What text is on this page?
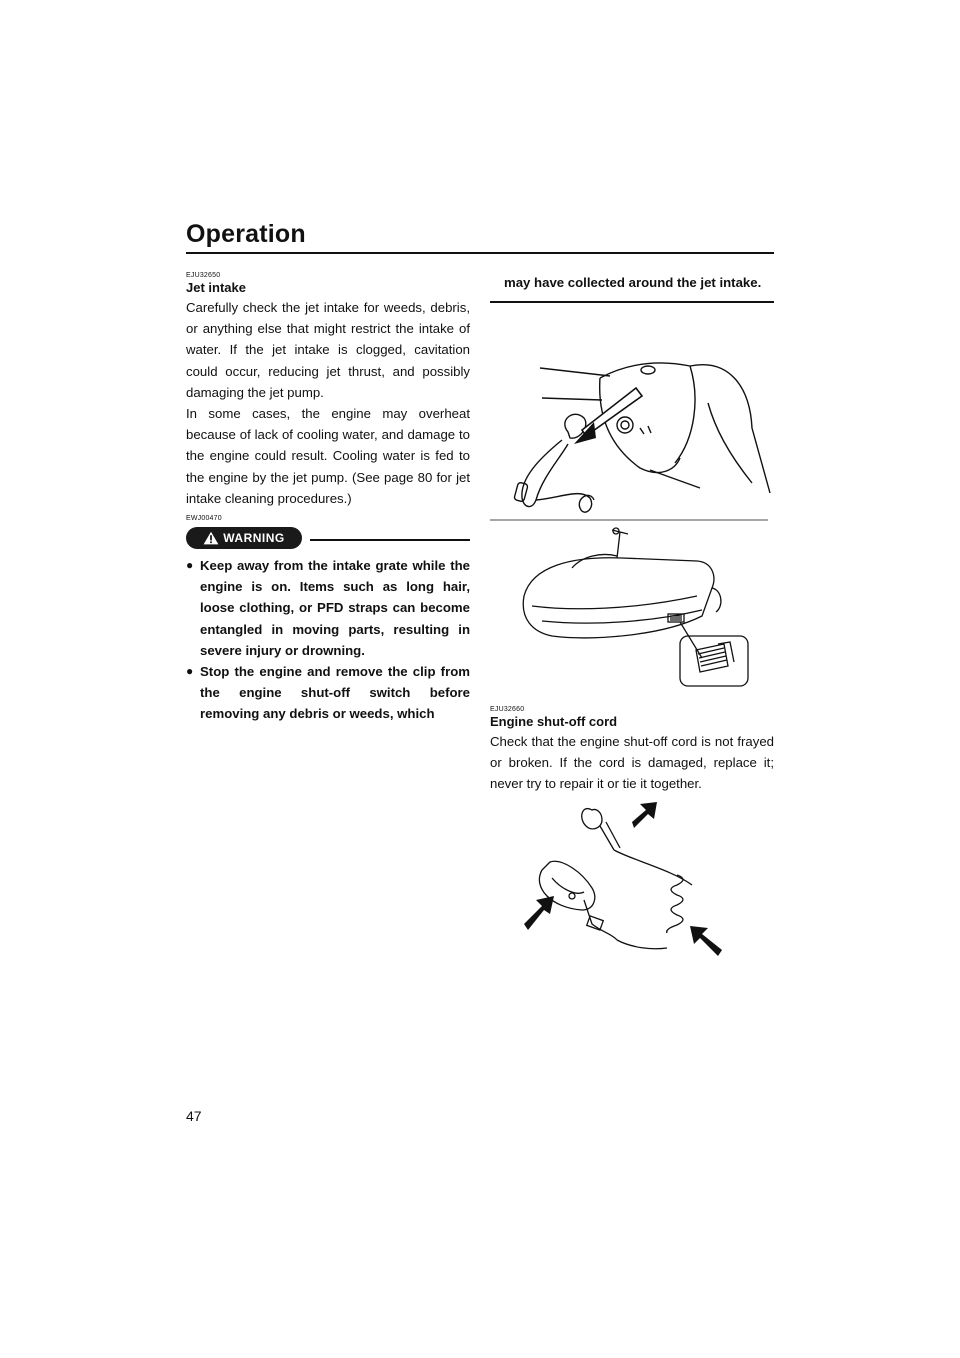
Operation
EJU32650
Jet intake

Carefully check the jet intake for weeds, debris, or anything else that might restrict the intake of water. If the jet intake is clogged, cavitation could occur, reducing jet thrust, and possibly damaging the jet pump.

In some cases, the engine may overheat because of lack of cooling water, and damage to the engine could result. Cooling water is fed to the engine by the jet pump. (See page 80 for jet intake cleaning procedures.)

EWJ00470
WARNING
● Keep away from the intake grate while the engine is on. Items such as long hair, loose clothing, or PFD straps can become entangled in moving parts, resulting in severe injury or drowning.
● Stop the engine and remove the clip from the engine shut-off switch before removing any debris or weeds, which

may have collected around the jet intake.

EJU32660
Engine shut-off cord

Check that the engine shut-off cord is not frayed or broken. If the cord is damaged, replace it; never try to repair it or tie it together.

47
